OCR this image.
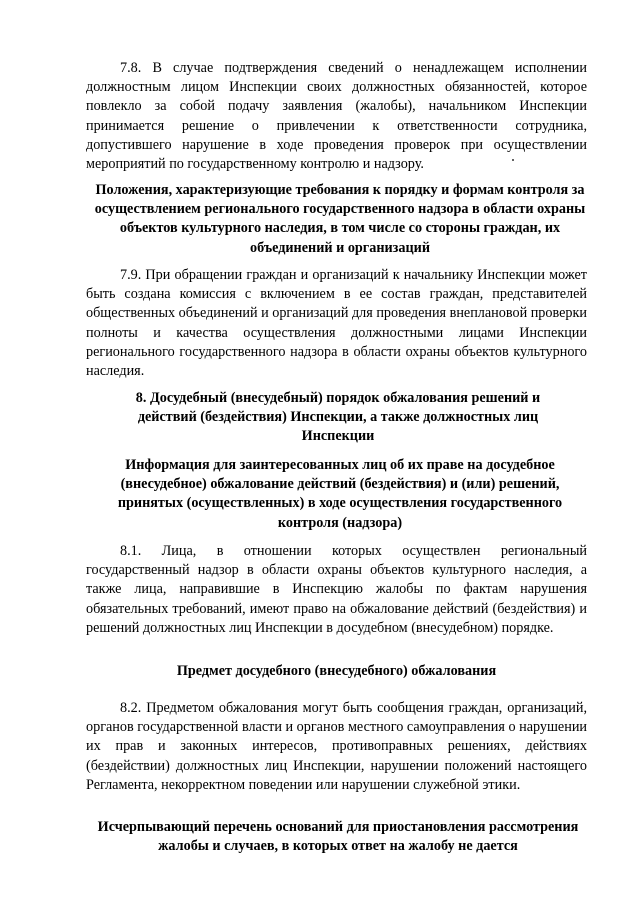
7.8. В случае подтверждения сведений о ненадлежащем исполнении должностным лицом Инспекции своих должностных обязанностей, которое повлекло за собой подачу заявления (жалобы), начальником Инспекции принимается решение о привлечении к ответственности сотрудника, допустившего нарушение в ходе проведения проверок при осуществлении мероприятий по государственному контролю и надзору.

Положения, характеризующие требования к порядку и формам контроля за осуществлением регионального государственного надзора в области охраны объектов культурного наследия, в том числе со стороны граждан, их объединений и организаций

7.9. При обращении граждан и организаций к начальнику Инспекции может быть создана комиссия с включением в ее состав граждан, представителей общественных объединений и организаций для проведения внеплановой проверки полноты и качества осуществления должностными лицами Инспекции регионального государственного надзора в области охраны объектов культурного наследия.

8. Досудебный (внесудебный) порядок обжалования решений и действий (бездействия) Инспекции, а также должностных лиц Инспекции

Информация для заинтересованных лиц об их праве на досудебное (внесудебное) обжалование действий (бездействия) и (или) решений, принятых (осуществленных) в ходе осуществления государственного контроля (надзора)

8.1. Лица, в отношении которых осуществлен региональный государственный надзор в области охраны объектов культурного наследия, а также лица, направившие в Инспекцию жалобы по фактам нарушения обязательных требований, имеют право на обжалование действий (бездействия) и решений должностных лиц Инспекции в досудебном (внесудебном) порядке.

Предмет досудебного (внесудебного) обжалования

8.2. Предметом обжалования могут быть сообщения граждан, организаций, органов государственной власти и органов местного самоуправления о нарушении их прав и законных интересов, противоправных решениях, действиях (бездействии) должностных лиц Инспекции, нарушении положений настоящего Регламента, некорректном поведении или нарушении служебной этики.

Исчерпывающий перечень оснований для приостановления рассмотрения жалобы и случаев, в которых ответ на жалобу не дается
